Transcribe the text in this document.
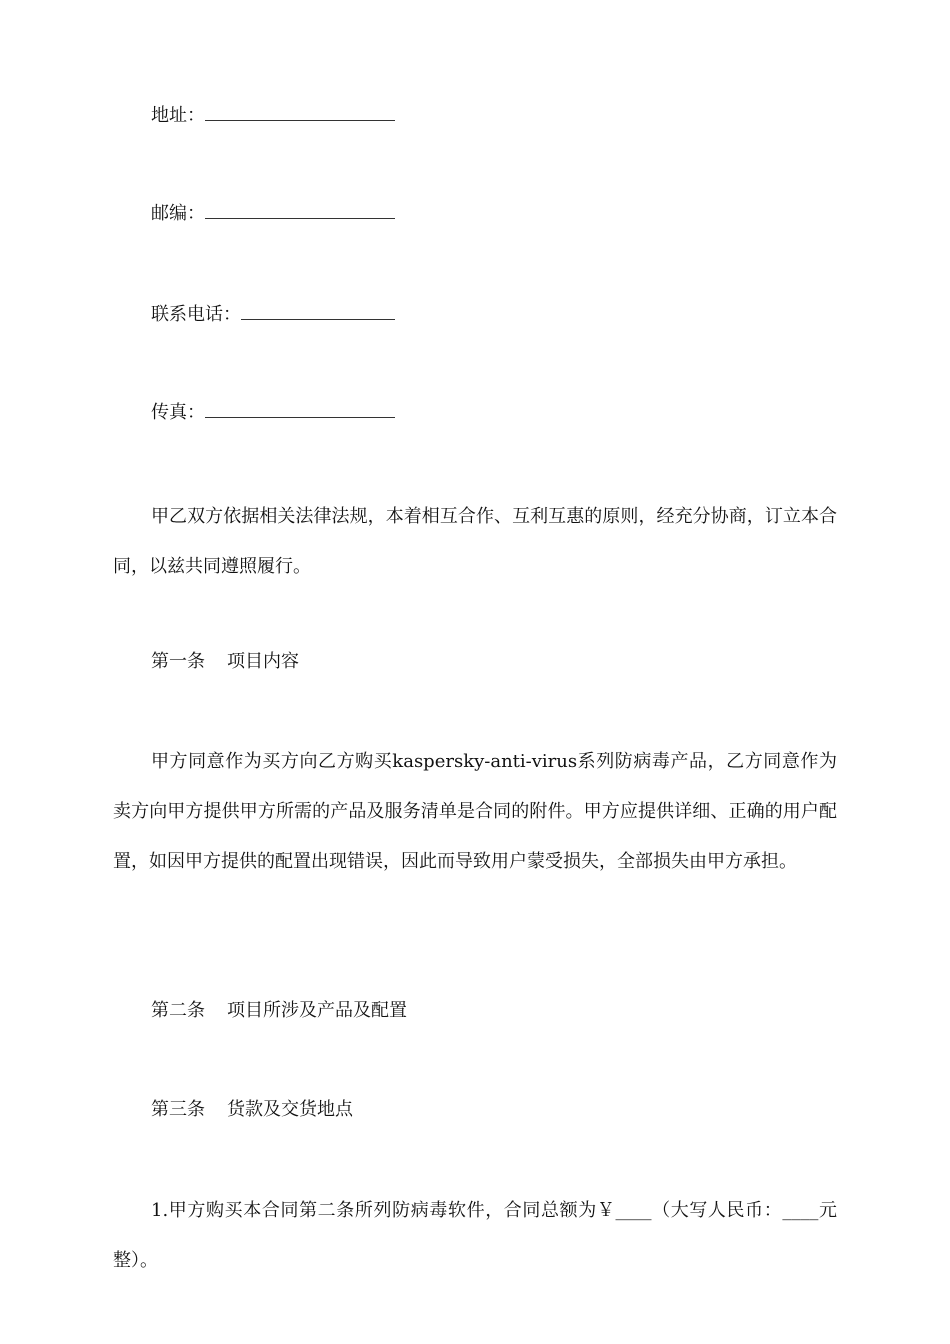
地址：
邮编：
联系电话：
传真：
甲乙双方依据相关法律法规，本着相互合作、互利互惠的原则，经充分协商，订立本合同，以兹共同遵照履行。
第一条 项目内容
甲方同意作为买方向乙方购买kaspersky-anti-virus系列防病毒产品，乙方同意作为卖方向甲方提供甲方所需的产品及服务清单是合同的附件。甲方应提供详细、正确的用户配置，如因甲方提供的配置出现错误，因此而导致用户蒙受损失，全部损失由甲方承担。
第二条 项目所涉及产品及配置
第三条 货款及交货地点
1.甲方购买本合同第二条所列防病毒软件，合同总额为￥____（大写人民币：____元整）。
